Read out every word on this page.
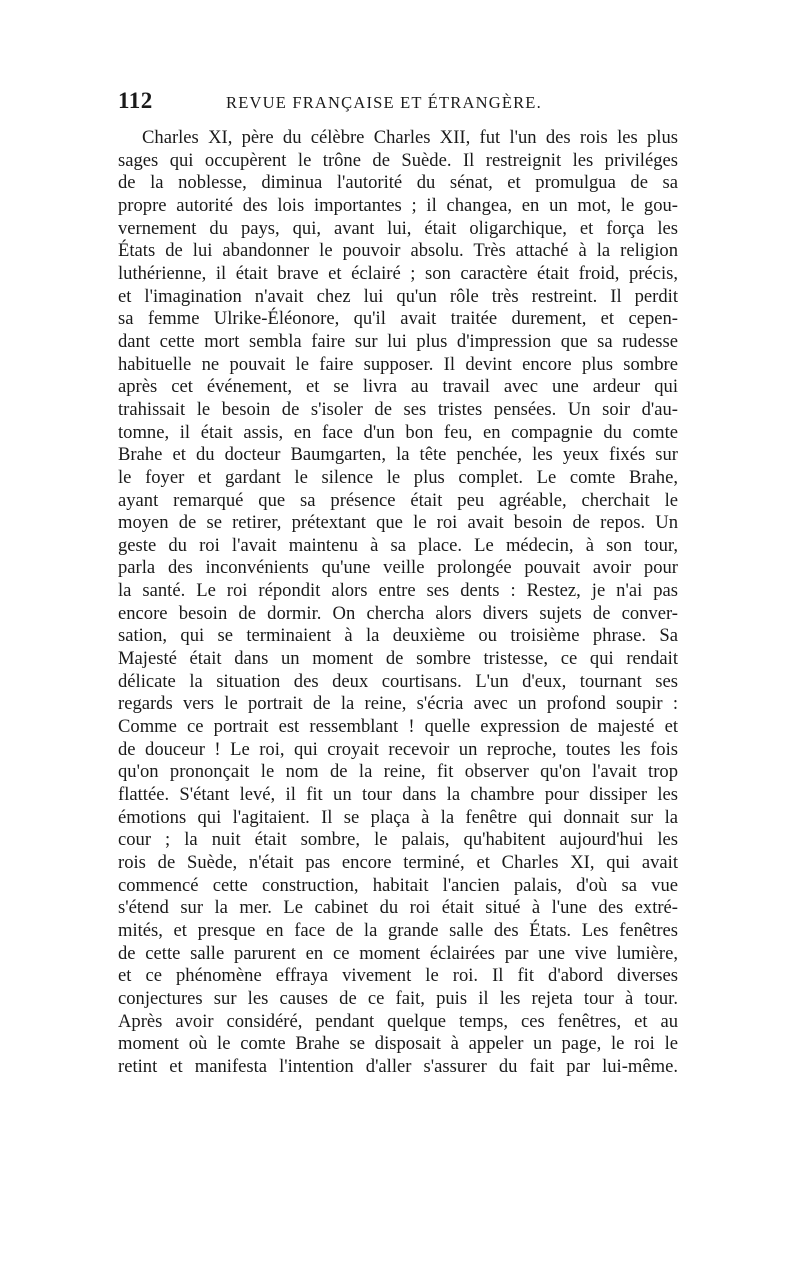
112	REVUE FRANÇAISE ET ÉTRANGÈRE.
Charles XI, père du célèbre Charles XII, fut l'un des rois les plus
sages qui occupèrent le trône de Suède. Il restreignit les priviléges
de la noblesse, diminua l'autorité du sénat, et promulgua de sa
propre autorité des lois importantes ; il changea, en un mot, le gou-
vernement du pays, qui, avant lui, était oligarchique, et força les
États de lui abandonner le pouvoir absolu. Très attaché à la religion
luthérienne, il était brave et éclairé ; son caractère était froid, précis,
et l'imagination n'avait chez lui qu'un rôle très restreint. Il perdit
sa femme Ulrike-Éléonore, qu'il avait traitée durement, et cepen-
dant cette mort sembla faire sur lui plus d'impression que sa rudesse
habituelle ne pouvait le faire supposer. Il devint encore plus sombre
après cet événement, et se livra au travail avec une ardeur qui
trahissait le besoin de s'isoler de ses tristes pensées. Un soir d'au-
tomne, il était assis, en face d'un bon feu, en compagnie du comte
Brahe et du docteur Baumgarten, la tête penchée, les yeux fixés sur
le foyer et gardant le silence le plus complet. Le comte Brahe,
ayant remarqué que sa présence était peu agréable, cherchait le
moyen de se retirer, prétextant que le roi avait besoin de repos. Un
geste du roi l'avait maintenu à sa place. Le médecin, à son tour,
parla des inconvénients qu'une veille prolongée pouvait avoir pour
la santé. Le roi répondit alors entre ses dents : Restez, je n'ai pas
encore besoin de dormir. On chercha alors divers sujets de conver-
sation, qui se terminaient à la deuxième ou troisième phrase. Sa
Majesté était dans un moment de sombre tristesse, ce qui rendait
délicate la situation des deux courtisans. L'un d'eux, tournant ses
regards vers le portrait de la reine, s'écria avec un profond soupir :
Comme ce portrait est ressemblant ! quelle expression de majesté et
de douceur ! Le roi, qui croyait recevoir un reproche, toutes les fois
qu'on prononçait le nom de la reine, fit observer qu'on l'avait trop
flattée. S'étant levé, il fit un tour dans la chambre pour dissiper les
émotions qui l'agitaient. Il se plaça à la fenêtre qui donnait sur la
cour ; la nuit était sombre, le palais, qu'habitent aujourd'hui les
rois de Suède, n'était pas encore terminé, et Charles XI, qui avait
commencé cette construction, habitait l'ancien palais, d'où sa vue
s'étend sur la mer. Le cabinet du roi était situé à l'une des extré-
mités, et presque en face de la grande salle des États. Les fenêtres
de cette salle parurent en ce moment éclairées par une vive lumière,
et ce phénomène effraya vivement le roi. Il fit d'abord diverses
conjectures sur les causes de ce fait, puis il les rejeta tour à tour.
Après avoir considéré, pendant quelque temps, ces fenêtres, et au
moment où le comte Brahe se disposait à appeler un page, le roi le
retint et manifesta l'intention d'aller s'assurer du fait par lui-même.
